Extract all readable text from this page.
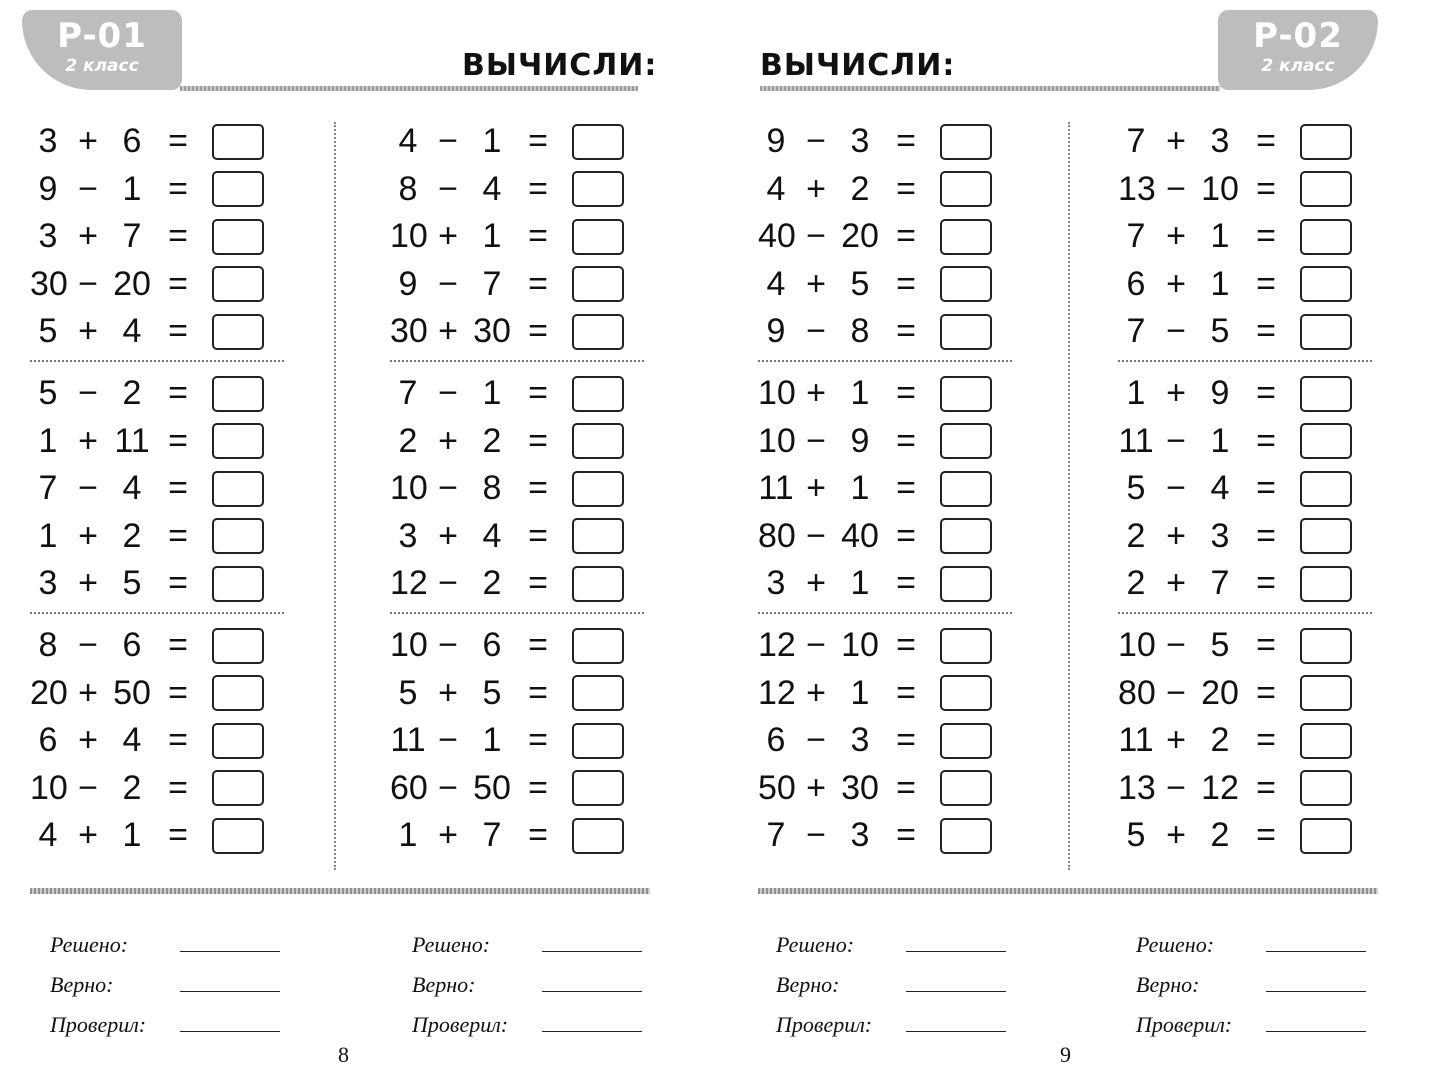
P-01
2 класс	ВЫЧИСЛИ:
3 + 6 =
9 − 1 =
3 + 7 =
30 − 20 =
5 + 4 =
5 − 2 =
1 + 11 =
7 − 4 =
1 + 2 =
3 + 5 =
8 − 6 =
20 + 50 =
6 + 4 =
10 − 2 =
4 + 1 =
4 − 1 =
8 − 4 =
10 + 1 =
9 − 7 =
30 + 30 =
7 − 1 =
2 + 2 =
10 − 8 =
3 + 4 =
12 − 2 =
10 − 6 =
5 + 5 =
11 − 1 =
60 − 50 =
1 + 7 =
Решено:
Верно:
Проверил:
Решено:
Верно:
Проверил:
8
P-02
2 класс
ВЫЧИСЛИ:
9 − 3 =
4 + 2 =
40 − 20 =
4 + 5 =
9 − 8 =
10 + 1 =
10 − 9 =
11 + 1 =
80 − 40 =
3 + 1 =
12 − 10 =
12 + 1 =
6 − 3 =
50 + 30 =
7 − 3 =
7 + 3 =
13 − 10 =
7 + 1 =
6 + 1 =
7 − 5 =
1 + 9 =
11 − 1 =
5 − 4 =
2 + 3 =
2 + 7 =
10 − 5 =
80 − 20 =
11 + 2 =
13 − 12 =
5 + 2 =
Решено:
Верно:
Проверил:
Решено:
Верно:
Проверил:
9
